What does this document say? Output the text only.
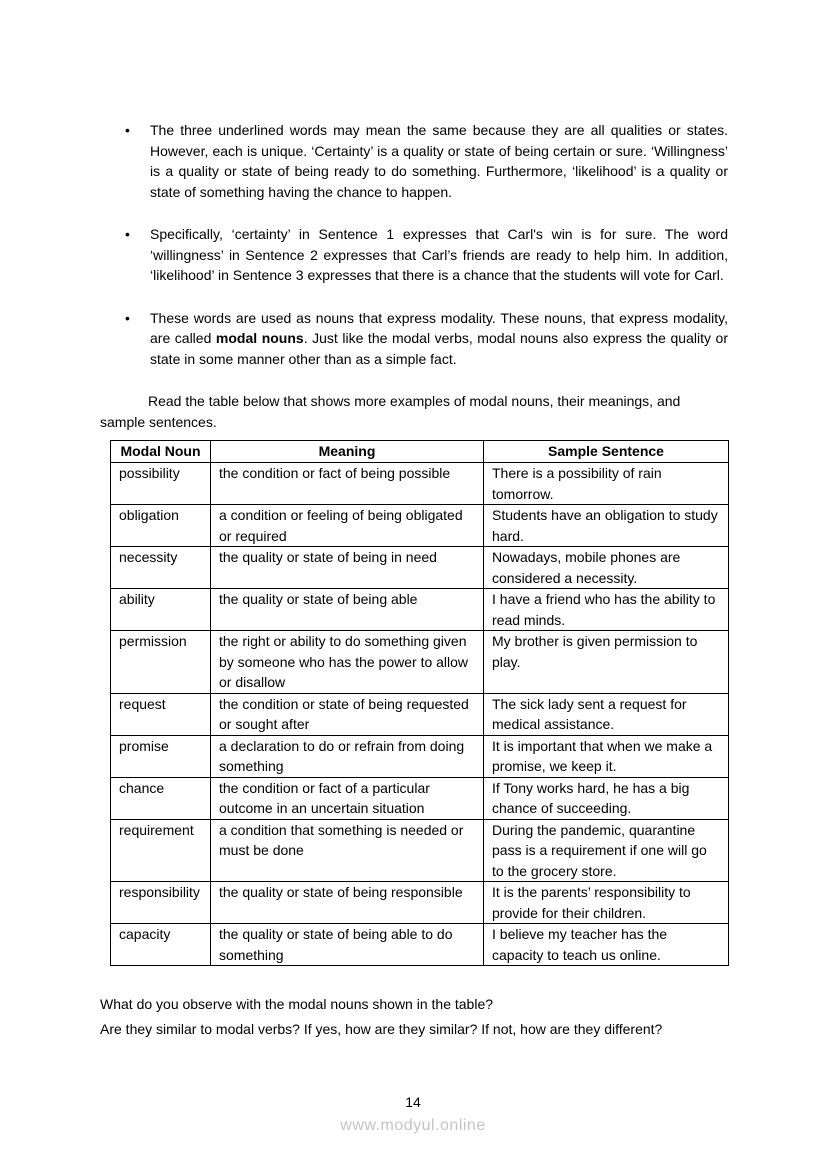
• The three underlined words may mean the same because they are all qualities or states. However, each is unique. ‘Certainty’ is a quality or state of being certain or sure. ‘Willingness’ is a quality or state of being ready to do something. Furthermore, ‘likelihood’ is a quality or state of something having the chance to happen.
• Specifically, ‘certainty’ in Sentence 1 expresses that Carl's win is for sure. The word ‘willingness’ in Sentence 2 expresses that Carl’s friends are ready to help him. In addition, ‘likelihood’ in Sentence 3 expresses that there is a chance that the students will vote for Carl.
• These words are used as nouns that express modality. These nouns, that express modality, are called modal nouns. Just like the modal verbs, modal nouns also express the quality or state in some manner other than as a simple fact.

Read the table below that shows more examples of modal nouns, their meanings, and sample sentences.

Modal Noun	Meaning	Sample Sentence
possibility	the condition or fact of being possible	There is a possibility of rain tomorrow.
obligation	a condition or feeling of being obligated or required	Students have an obligation to study hard.
necessity	the quality or state of being in need	Nowadays, mobile phones are considered a necessity.
ability	the quality or state of being able	I have a friend who has the ability to read minds.
permission	the right or ability to do something given by someone who has the power to allow or disallow	My brother is given permission to play.
request	the condition or state of being requested or sought after	The sick lady sent a request for medical assistance.
promise	a declaration to do or refrain from doing something	It is important that when we make a promise, we keep it.
chance	the condition or fact of a particular outcome in an uncertain situation	If Tony works hard, he has a big chance of succeeding.
requirement	a condition that something is needed or must be done	During the pandemic, quarantine pass is a requirement if one will go to the grocery store.
responsibility	the quality or state of being responsible	It is the parents’ responsibility to provide for their children.
capacity	the quality or state of being able to do something	I believe my teacher has the capacity to teach us online.

What do you observe with the modal nouns shown in the table?

Are they similar to modal verbs? If yes, how are they similar? If not, how are they different?

14
www.modyul.online
